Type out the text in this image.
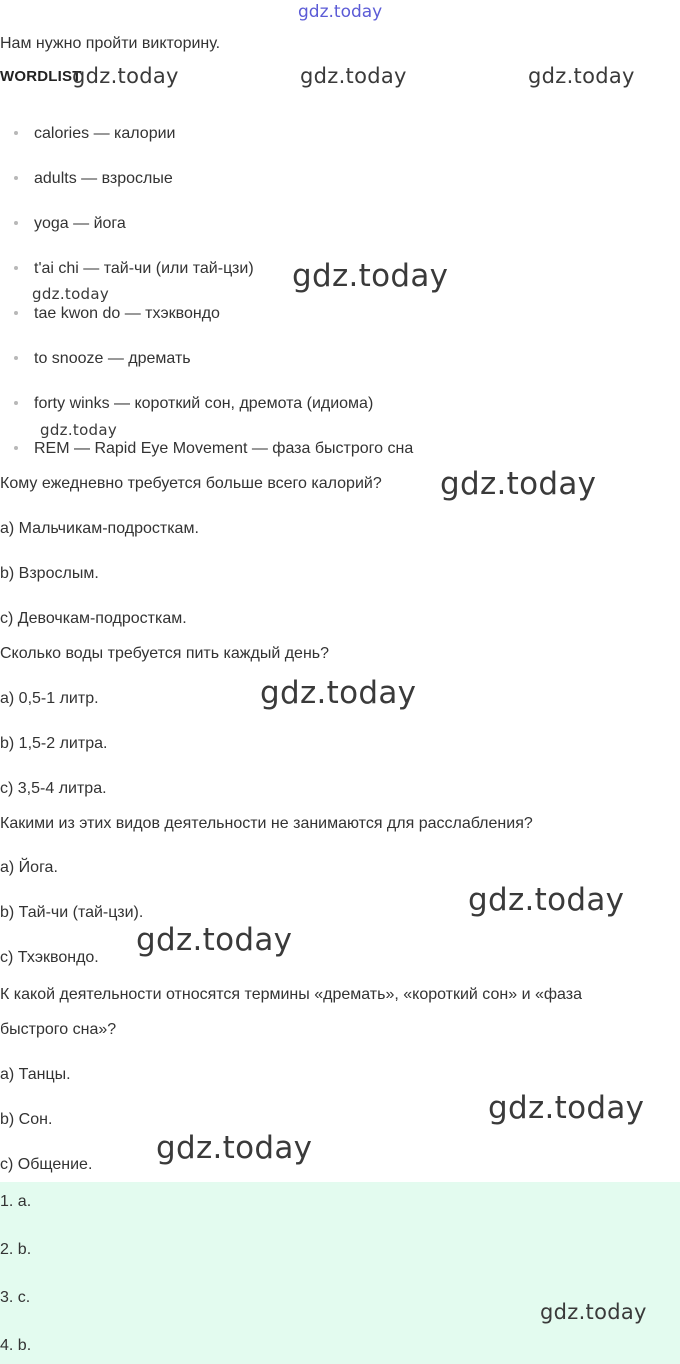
gdz.today
Нам нужно пройти викторину.
WORDLIST
calories — калории
adults — взрослые
yoga — йога
t'ai chi — тай-чи (или тай-цзи)
tae kwon do — тхэквондо
to snooze — дремать
forty winks — короткий сон, дремота (идиома)
REM — Rapid Eye Movement — фаза быстрого сна
Кому ежедневно требуется больше всего калорий?
a) Мальчикам-подросткам.
b) Взрослым.
c) Девочкам-подросткам.
Сколько воды требуется пить каждый день?
a) 0,5-1 литр.
b) 1,5-2 литра.
c) 3,5-4 литра.
Какими из этих видов деятельности не занимаются для расслабления?
a) Йога.
b) Тай-чи (тай-цзи).
c) Тхэквондо.
К какой деятельности относятся термины «дремать», «короткий сон» и «фаза
быстрого сна»?
a) Танцы.
b) Сон.
c) Общение.
1. a.
2. b.
3. c.
4. b.
gdz.today	gdz.today	gdz.today
gdz.today
gdz.today
gdz.today
gdz.today
gdz.today
gdz.today
gdz.today
gdz.today
gdz.today
gdz.today
